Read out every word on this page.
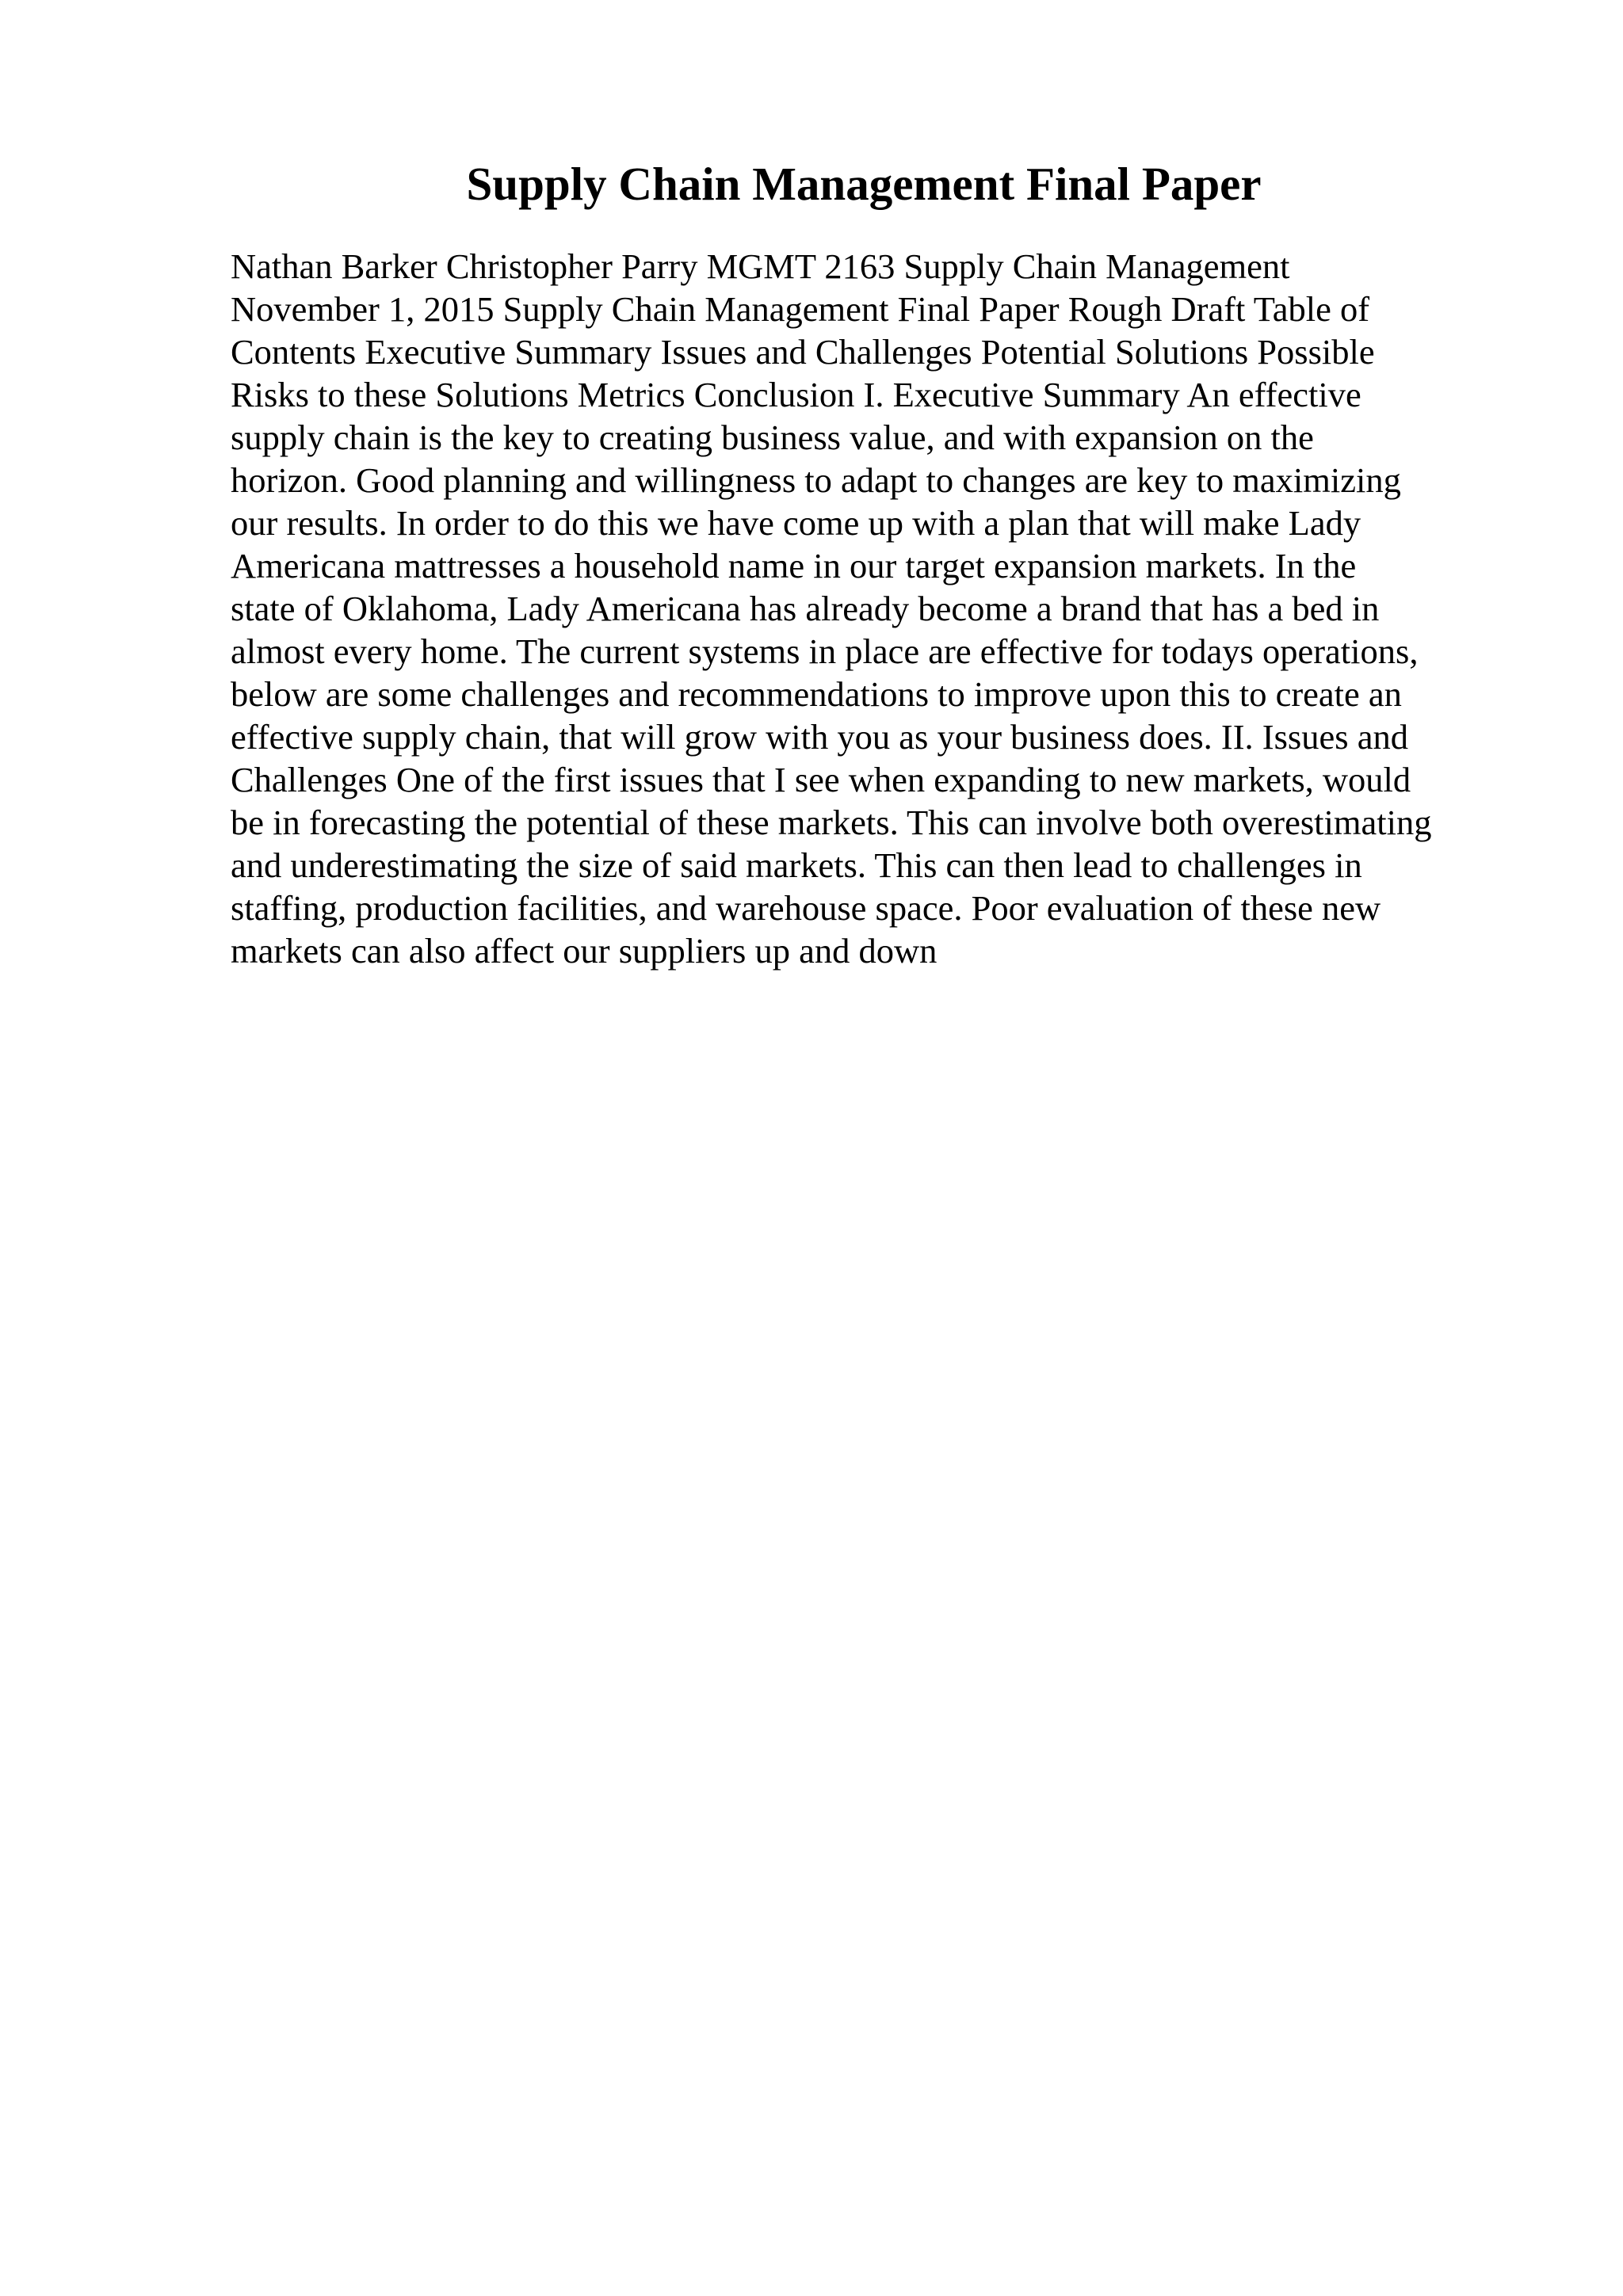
Supply Chain Management Final Paper
Nathan Barker Christopher Parry MGMT 2163 Supply Chain Management
November 1, 2015 Supply Chain Management Final Paper Rough Draft Table of
Contents Executive Summary Issues and Challenges Potential Solutions Possible
Risks to these Solutions Metrics Conclusion I. Executive Summary An effective
supply chain is the key to creating business value, and with expansion on the
horizon. Good planning and willingness to adapt to changes are key to maximizing
our results. In order to do this we have come up with a plan that will make Lady
Americana mattresses a household name in our target expansion markets. In the
state of Oklahoma, Lady Americana has already become a brand that has a bed in
almost every home. The current systems in place are effective for todays operations,
below are some challenges and recommendations to improve upon this to create an
effective supply chain, that will grow with you as your business does. II. Issues and
Challenges One of the first issues that I see when expanding to new markets, would
be in forecasting the potential of these markets. This can involve both overestimating
and underestimating the size of said markets. This can then lead to challenges in
staffing, production facilities, and warehouse space. Poor evaluation of these new
markets can also affect our suppliers up and down
